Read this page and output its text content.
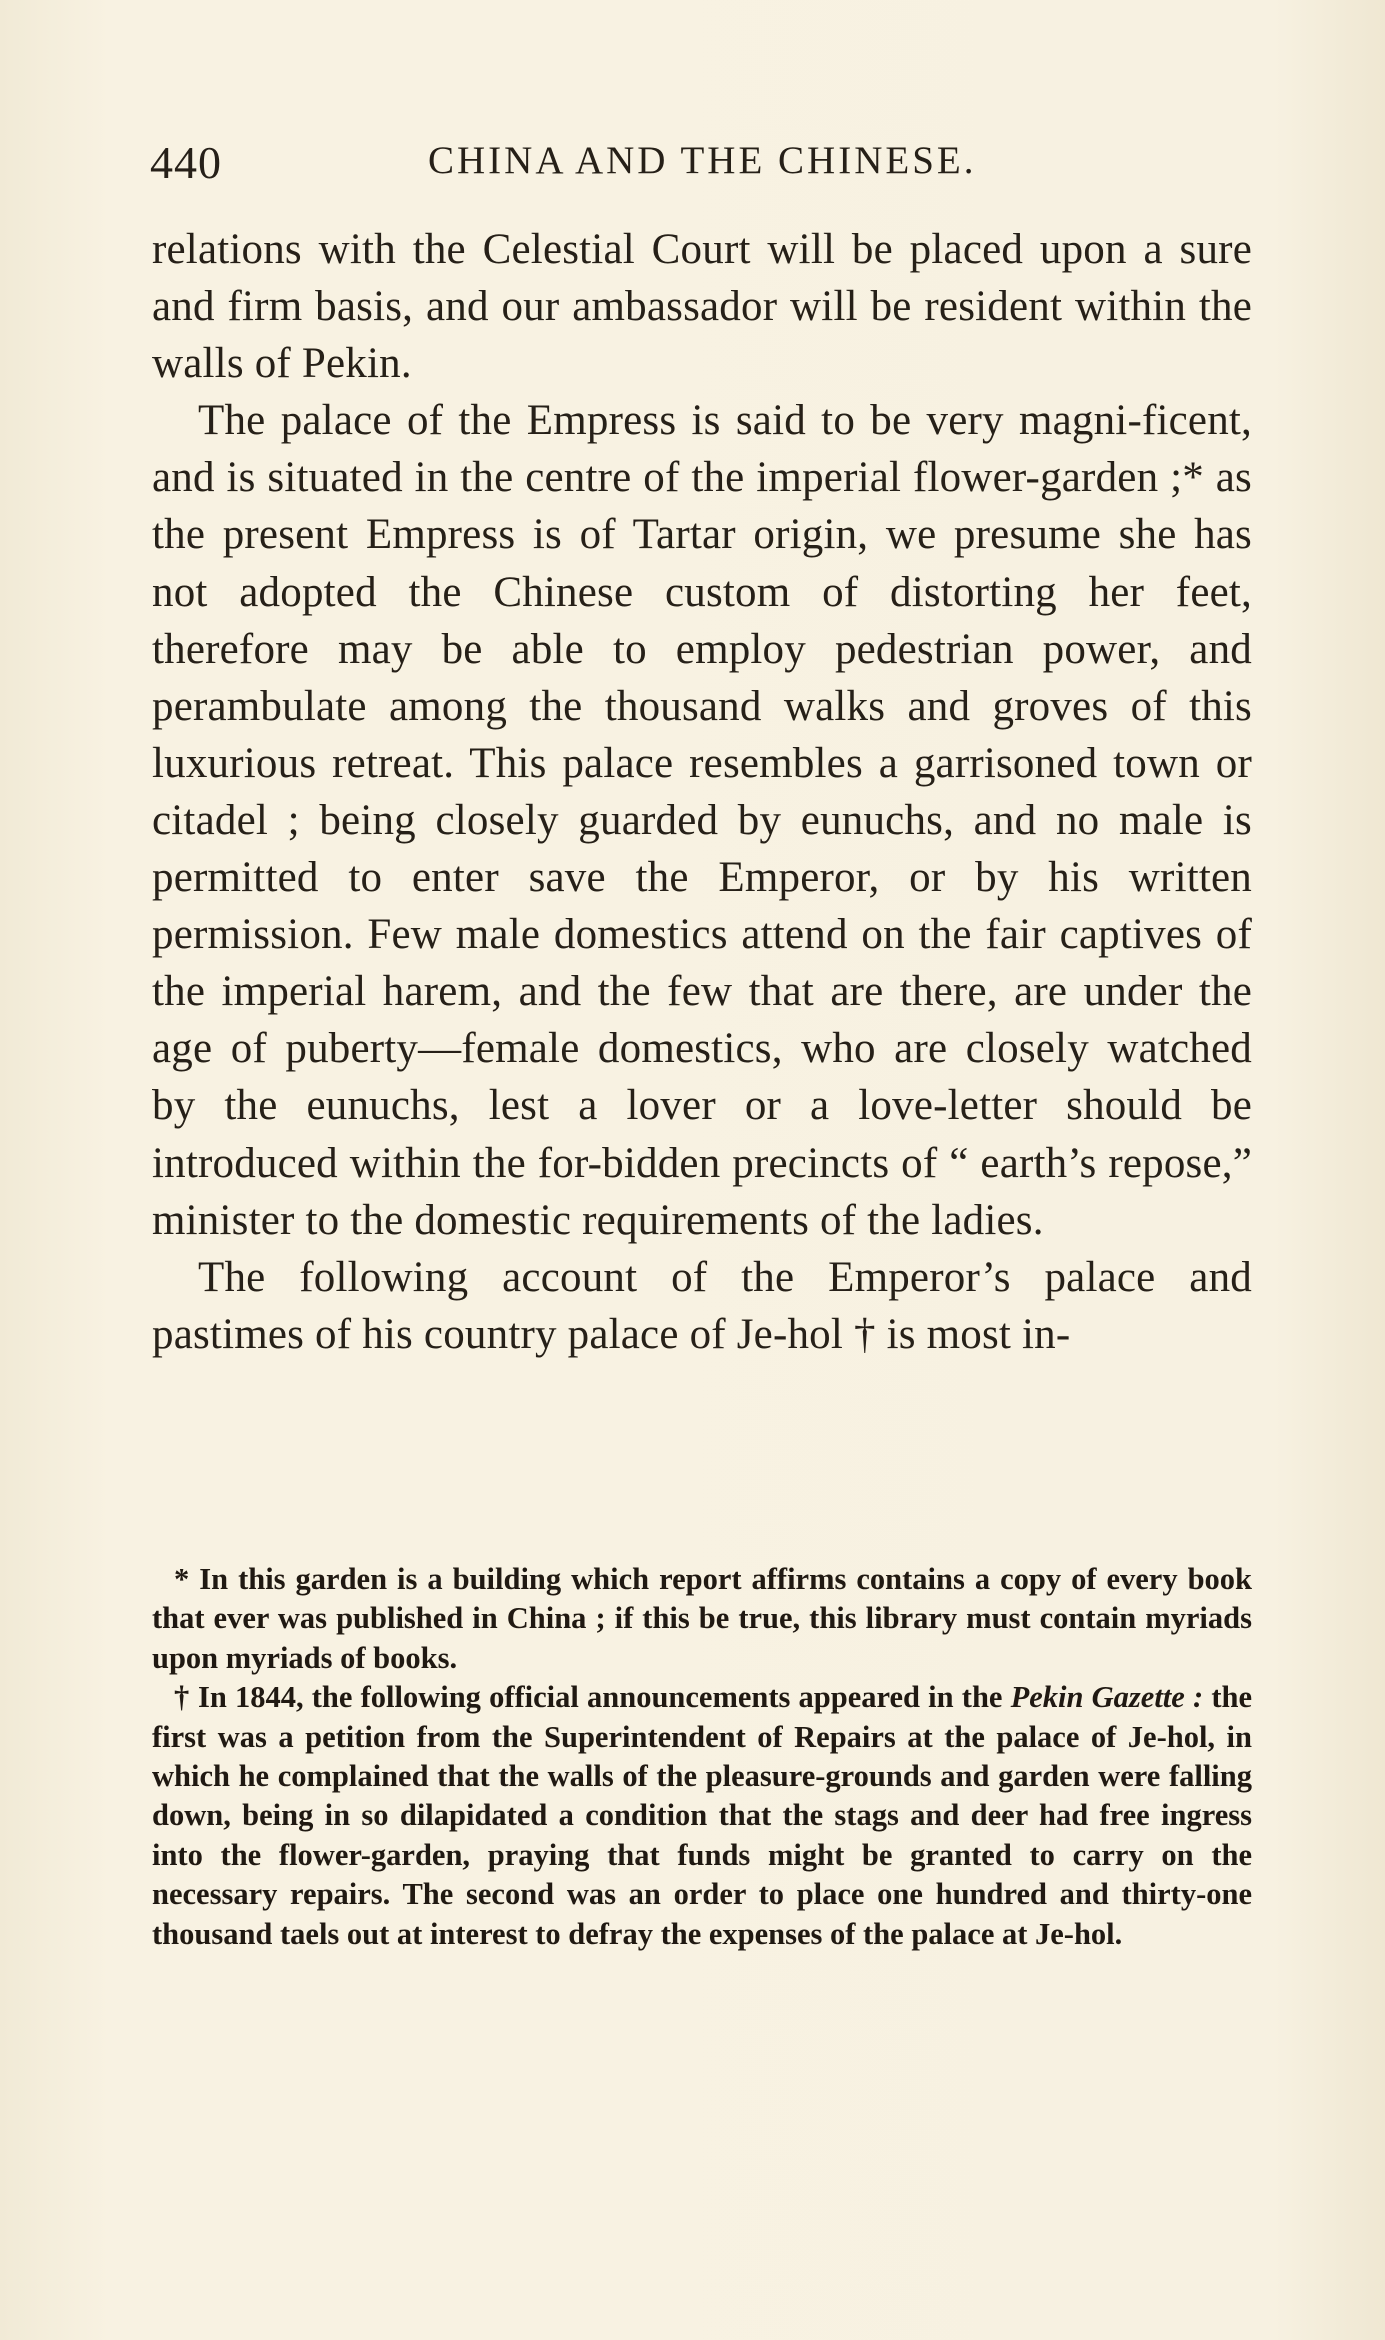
440	CHINA AND THE CHINESE.

relations with the Celestial Court will be placed upon a sure and firm basis, and our ambassador will be resident within the walls of Pekin.

The palace of the Empress is said to be very magni-ficent, and is situated in the centre of the imperial flower-garden ;* as the present Empress is of Tartar origin, we presume she has not adopted the Chinese custom of distorting her feet, therefore may be able to employ pedestrian power, and perambulate among the thousand walks and groves of this luxurious retreat. This palace resembles a garrisoned town or citadel ; being closely guarded by eunuchs, and no male is permitted to enter save the Emperor, or by his written permission. Few male domestics attend on the fair captives of the imperial harem, and the few that are there, are under the age of puberty—female domestics, who are closely watched by the eunuchs, lest a lover or a love-letter should be introduced within the for-bidden precincts of “ earth’s repose,” minister to the domestic requirements of the ladies.

The following account of the Emperor’s palace and pastimes of his country palace of Je-hol † is most in-

* In this garden is a building which report affirms contains a copy of every book that ever was published in China ; if this be true, this library must contain myriads upon myriads of books.

† In 1844, the following official announcements appeared in the Pekin Gazette : the first was a petition from the Superintendent of Repairs at the palace of Je-hol, in which he complained that the walls of the pleasure-grounds and garden were falling down, being in so dilapidated a condition that the stags and deer had free ingress into the flower-garden, praying that funds might be granted to carry on the necessary repairs. The second was an order to place one hundred and thirty-one thousand taels out at interest to defray the expenses of the palace at Je-hol.
